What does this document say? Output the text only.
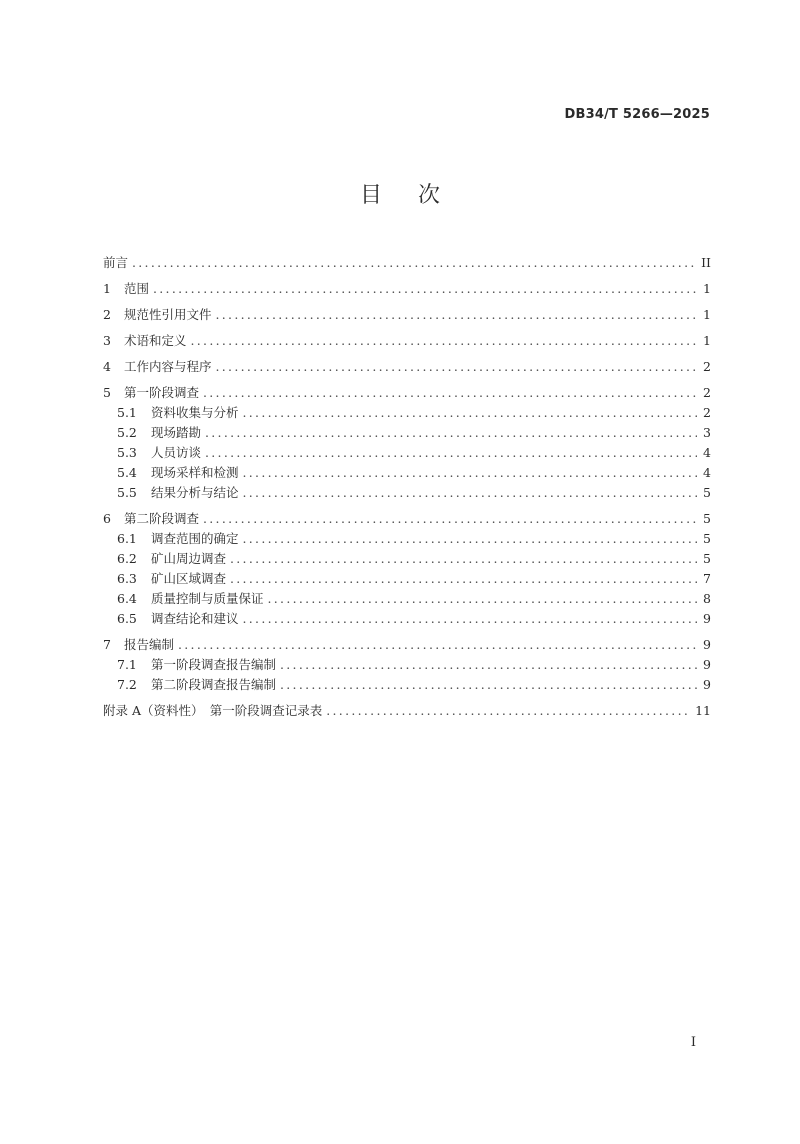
DB34/T 5266—2025
目次
前言 .....	II
1	范围 .....	1
2	规范性引用文件 .....	1
3	术语和定义 .....	1
4	工作内容与程序 .....	2
5	第一阶段调查 .....	2
5.1	资料收集与分析 .....	2
5.2	现场踏勘 .....	3
5.3	人员访谈 .....	4
5.4	现场采样和检测 .....	4
5.5	结果分析与结论 .....	5
6	第二阶段调查 .....	5
6.1	调查范围的确定 .....	5
6.2	矿山周边调查 .....	5
6.3	矿山区域调查 .....	7
6.4	质量控制与质量保证 .....	8
6.5	调查结论和建议 .....	9
7	报告编制 .....	9
7.1	第一阶段调查报告编制 .....	9
7.2	第二阶段调查报告编制 .....	9
附录 A（资料性）　第一阶段调查记录表 .....	11
I
